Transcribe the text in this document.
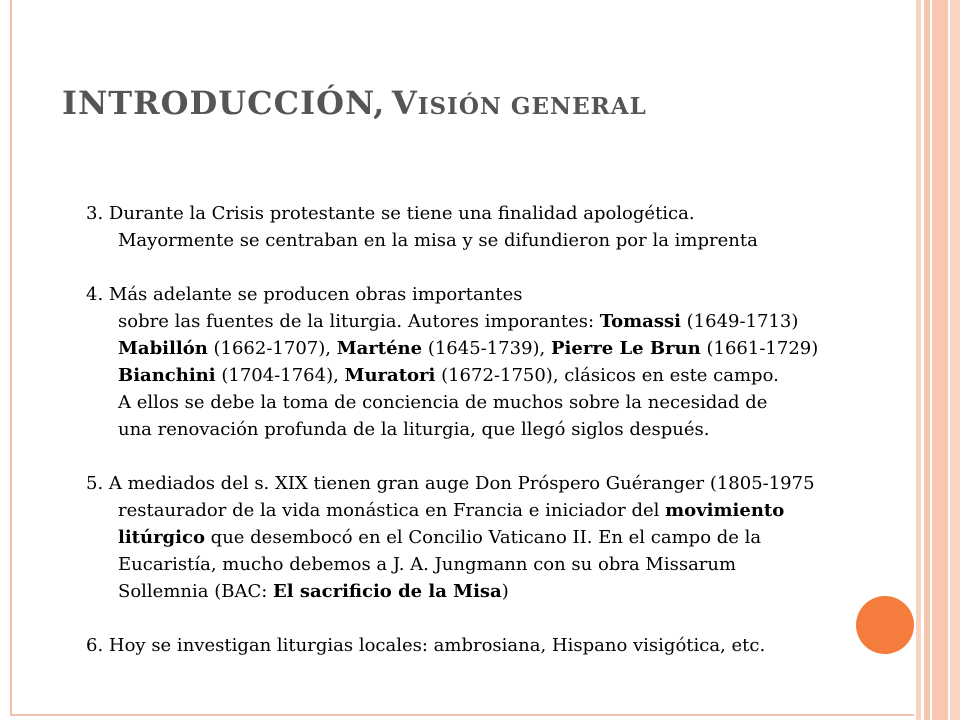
INTRODUCCIÓN, VISIÓN GENERAL
3. Durante la Crisis protestante se tiene una finalidad apologética.
Mayormente se centraban en la misa y se difundieron por la imprenta
4. Más adelante se producen obras importantes
sobre las fuentes de la liturgia. Autores imporantes: Tomassi (1649-1713)
Mabillón (1662-1707), Marténe (1645-1739), Pierre Le Brun (1661-1729)
Bianchini (1704-1764), Muratori (1672-1750), clásicos en este campo.
A ellos se debe la toma de conciencia de muchos sobre la necesidad de
una renovación profunda de la liturgia, que llegó siglos después.
5. A mediados del s. XIX tienen gran auge Don Próspero Guéranger (1805-1975
restaurador de la vida monástica en Francia e iniciador del movimiento
litúrgico que desembocó en el Concilio Vaticano II. En el campo de la
Eucaristía, mucho debemos a J. A. Jungmann con su obra Missarum
Sollemnia (BAC: El sacrificio de la Misa)
6. Hoy se investigan liturgias locales: ambrosiana, Hispano visigótica, etc.
